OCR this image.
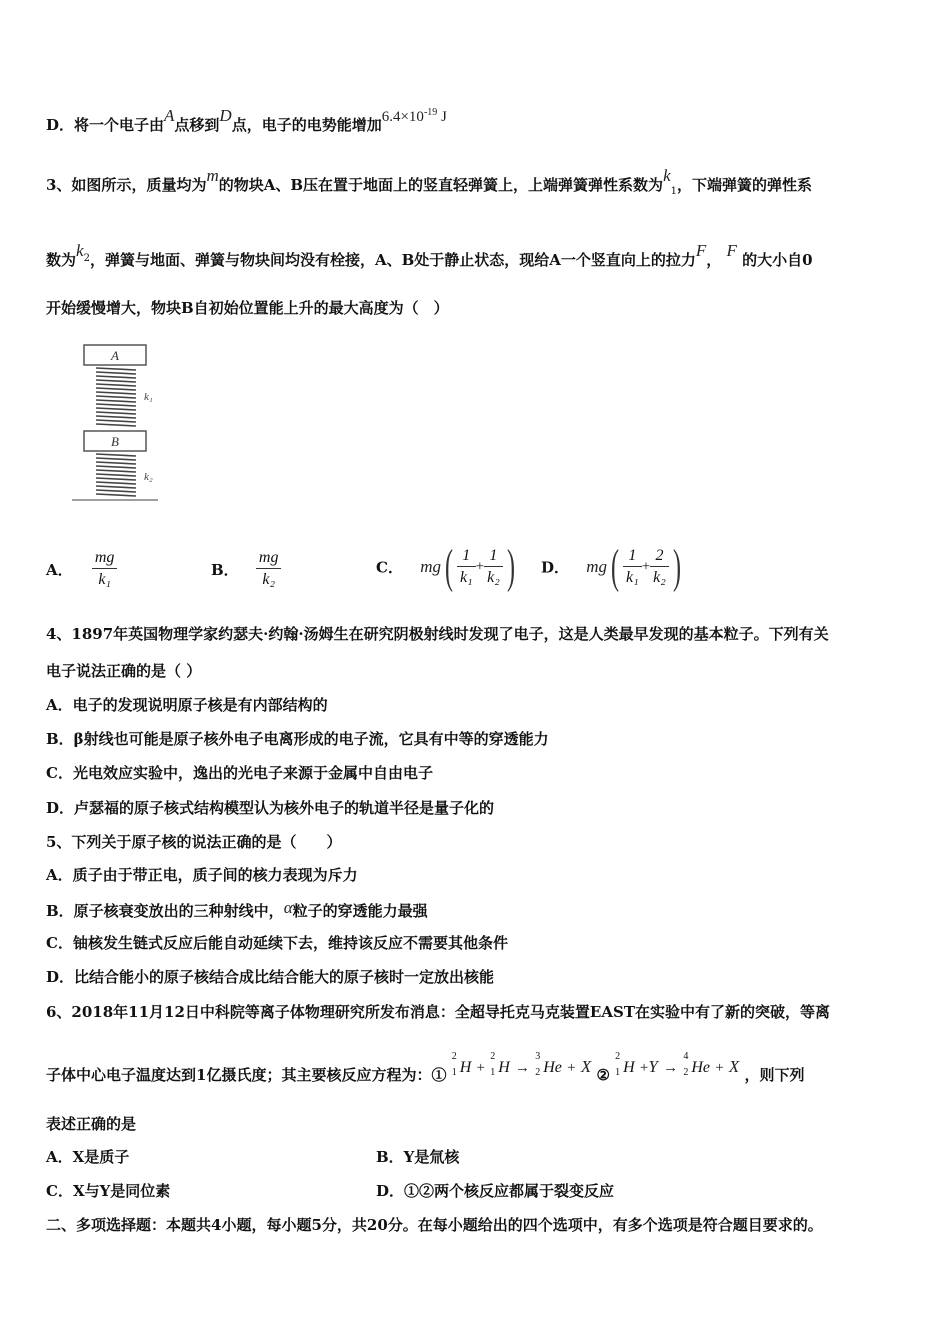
D．将一个电子由A点移到D点，电子的电势能增加$6.4\times 10^{-19}$ J
3、如图所示，质量均为m的物块A、B压在置于地面上的竖直轻弹簧上，上端弹簧弹性系数为$k_1$，下端弹簧的弹性系
数为$k^2$，弹簧与地面、弹簧与物块间均没有栓接，A、B处于静止状态，现给A一个竖直向上的拉力F， F 的大小自0
开始缓慢增大，物块B自初始位置能上升的最大高度为（　）
A
k₁
B
k₂
A． $\frac{mg}{\text{k₁}}$	B． $\frac{mg}{\text{k₂}}$	C． $mg( \frac{1}{\text{k₁}} + \frac{1}{\text{k₂}}$ ) D． $mg( \frac{1}{\text{k₁}} + \frac{2}{\text{k₂}}$ )
4、1897年英国物理学家约瑟夫·约翰·汤姆生在研究阴极射线时发现了电子，这是人类最早发现的基本粒子。下列有关
电子说法正确的是（ ）
A．电子的发现说明原子核是有内部结构的
B．β射线也可能是原子核外电子电离形成的电子流，它具有中等的穿透能力
C．光电效应实验中，逸出的光电子来源于金属中自由电子
D．卢瑟福的原子核式结构模型认为核外电子的轨道半径是量子化的
5、下列关于原子核的说法正确的是（　　）
A．质子由于带正电，质子间的核力表现为斥力
B．原子核衰变放出的三种射线中，α粒子的穿透能力最强
C．铀核发生链式反应后能自动延续下去，维持该反应不需要其他条件
D．比结合能小的原子核结合成比结合能大的原子核时一定放出核能
6、2018年11月12日中科院等离子体物理研究所发布消息：全超导托克马克装置EAST在实验中有了新的突破，等离
子体中心电子温度达到1亿摄氏度；其主要核反应方程为：①
2
1 H +
2
1 H →
3
2 He + X ②
2
1 H +Y →
4
2 He + X ，则下列
表述正确的是
A．X是质子	B．Y是氚核
C．X与Y是同位素	D．①②两个核反应都属于裂变反应
二、多项选择题：本题共4小题，每小题5分，共20分。在每小题给出的四个选项中，有多个选项是符合题目要求的。
